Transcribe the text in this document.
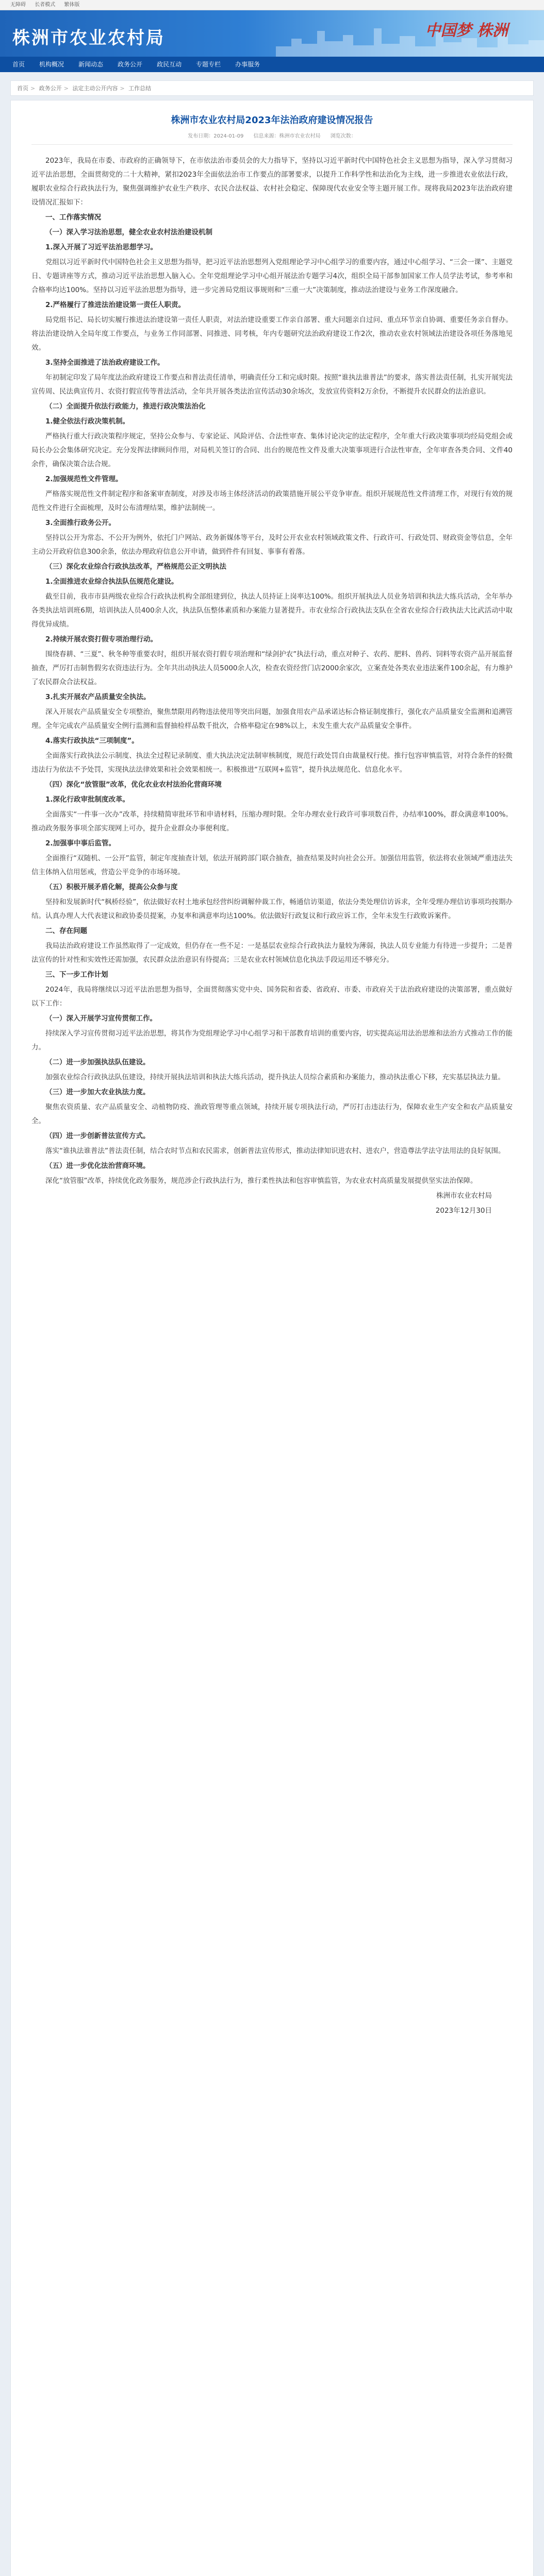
无障碍 长者模式 繁体版
株洲市农业农村局	中国梦 株洲
首页	机构概况	新闻动态	政务公开	政民互动	专题专栏	办事服务
首页 > 政务公开 > 法定主动公开内容 > 工作总结
株洲市农业农村局2023年法治政府建设情况报告
发布日期：2024-01-09 信息来源：株洲市农业农村局 浏览次数：

2023年，我局在市委、市政府的正确领导下，在市依法治市委员会的大力指导下，坚持以习近平新时代中国特色社会主义思想为指导，深入学习贯彻习近平法治思想，全面贯彻党的二十大精神，紧扣2023年全面依法治市工作要点的部署要求，以提升工作科学性和法治化为主线，进一步推进农业依法行政，履职农业综合行政执法行为，聚焦强调维护农业生产秩序、农民合法权益、农村社会稳定、保障现代农业安全等主题开展工作。现将我局2023年法治政府建设情况汇报如下：

一、工作落实情况

（一）深入学习法治思想，健全农业农村法治建设机制

1.深入开展了习近平法治思想学习。

党组以习近平新时代中国特色社会主义思想为指导，把习近平法治思想列入党组理论学习中心组学习的重要内容，通过中心组学习、“三会一课”、主题党日、专题讲座等方式，推动习近平法治思想入脑入心。全年党组理论学习中心组开展法治专题学习4次，组织全局干部参加国家工作人员学法考试，参考率和合格率均达100%。坚持以习近平法治思想为指导，进一步完善局党组议事规则和“三重一大”决策制度，推动法治建设与业务工作深度融合。

2.严格履行了推进法治建设第一责任人职责。

局党组书记、局长切实履行推进法治建设第一责任人职责，对法治建设重要工作亲自部署、重大问题亲自过问、重点环节亲自协调、重要任务亲自督办。将法治建设纳入全局年度工作要点，与业务工作同部署、同推进、同考核，年内专题研究法治政府建设工作2次，推动农业农村领域法治建设各项任务落地见效。

3.坚持全面推进了法治政府建设工作。

年初制定印发了局年度法治政府建设工作要点和普法责任清单，明确责任分工和完成时限。按照“谁执法谁普法”的要求，落实普法责任制，扎实开展宪法宣传周、民法典宣传月、农资打假宣传等普法活动，全年共开展各类法治宣传活动30余场次，发放宣传资料2万余份，不断提升农民群众的法治意识。

（二）全面提升依法行政能力，推进行政决策法治化

1.健全依法行政决策机制。

严格执行重大行政决策程序规定，坚持公众参与、专家论证、风险评估、合法性审查、集体讨论决定的法定程序，全年重大行政决策事项均经局党组会或局长办公会集体研究决定。充分发挥法律顾问作用，对局机关签订的合同、出台的规范性文件及重大决策事项进行合法性审查，全年审查各类合同、文件40余件，确保决策合法合规。

2.加强规范性文件管理。

严格落实规范性文件制定程序和备案审查制度，对涉及市场主体经济活动的政策措施开展公平竞争审查。组织开展规范性文件清理工作，对现行有效的规范性文件进行全面梳理，及时公布清理结果，维护法制统一。

3.全面推行政务公开。

坚持以公开为常态、不公开为例外，依托门户网站、政务新媒体等平台，及时公开农业农村领域政策文件、行政许可、行政处罚、财政资金等信息，全年主动公开政府信息300余条，依法办理政府信息公开申请，做到件件有回复、事事有着落。

（三）深化农业综合行政执法改革，严格规范公正文明执法

1.全面推进农业综合执法队伍规范化建设。

截至目前，我市市县两级农业综合行政执法机构全部组建到位，执法人员持证上岗率达100%。组织开展执法人员业务培训和执法大练兵活动，全年举办各类执法培训班6期，培训执法人员400余人次，执法队伍整体素质和办案能力显著提升。市农业综合行政执法支队在全省农业综合行政执法大比武活动中取得优异成绩。

2.持续开展农资打假专项治理行动。

围绕春耕、“三夏”、秋冬种等重要农时，组织开展农资打假专项治理和“绿剑护农”执法行动，重点对种子、农药、肥料、兽药、饲料等农资产品开展监督抽查，严厉打击制售假劣农资违法行为。全年共出动执法人员5000余人次，检查农资经营门店2000余家次，立案查处各类农业违法案件100余起，有力维护了农民群众合法权益。

3.扎实开展农产品质量安全执法。

深入开展农产品质量安全专项整治，聚焦禁限用药物违法使用等突出问题，加强食用农产品承诺达标合格证制度推行，强化农产品质量安全监测和追溯管理。全年完成农产品质量安全例行监测和监督抽检样品数千批次，合格率稳定在98%以上，未发生重大农产品质量安全事件。

4.落实行政执法“三项制度”。

全面落实行政执法公示制度、执法全过程记录制度、重大执法决定法制审核制度，规范行政处罚自由裁量权行使。推行包容审慎监管，对符合条件的轻微违法行为依法不予处罚，实现执法法律效果和社会效果相统一。积极推进“互联网+监管”，提升执法规范化、信息化水平。

（四）深化“放管服”改革，优化农业农村法治化营商环境

1.深化行政审批制度改革。

全面落实“一件事一次办”改革，持续精简审批环节和申请材料，压缩办理时限。全年办理农业行政许可事项数百件，办结率100%，群众满意率100%。推动政务服务事项全部实现网上可办，提升企业群众办事便利度。

2.加强事中事后监管。

全面推行“双随机、一公开”监管，制定年度抽查计划，依法开展跨部门联合抽查，抽查结果及时向社会公开。加强信用监管，依法将农业领域严重违法失信主体纳入信用惩戒，营造公平竞争的市场环境。

（五）积极开展矛盾化解，提高公众参与度

坚持和发展新时代“枫桥经验”，依法做好农村土地承包经营纠纷调解仲裁工作，畅通信访渠道，依法分类处理信访诉求，全年受理办理信访事项均按期办结。认真办理人大代表建议和政协委员提案，办复率和满意率均达100%。依法做好行政复议和行政应诉工作，全年未发生行政败诉案件。

二、存在问题

我局法治政府建设工作虽然取得了一定成效，但仍存在一些不足：一是基层农业综合行政执法力量较为薄弱，执法人员专业能力有待进一步提升；二是普法宣传的针对性和实效性还需加强，农民群众法治意识有待提高；三是农业农村领域信息化执法手段运用还不够充分。

三、下一步工作计划

2024年，我局将继续以习近平法治思想为指导，全面贯彻落实党中央、国务院和省委、省政府、市委、市政府关于法治政府建设的决策部署，重点做好以下工作：

（一）深入开展学习宣传贯彻工作。

持续深入学习宣传贯彻习近平法治思想，将其作为党组理论学习中心组学习和干部教育培训的重要内容，切实提高运用法治思维和法治方式推动工作的能力。

（二）进一步加强执法队伍建设。

加强农业综合行政执法队伍建设，持续开展执法培训和执法大练兵活动，提升执法人员综合素质和办案能力，推动执法重心下移，充实基层执法力量。

（三）进一步加大农业执法力度。

聚焦农资质量、农产品质量安全、动植物防疫、渔政管理等重点领域，持续开展专项执法行动，严厉打击违法行为，保障农业生产安全和农产品质量安全。

（四）进一步创新普法宣传方式。

落实“谁执法谁普法”普法责任制，结合农时节点和农民需求，创新普法宣传形式，推动法律知识进农村、进农户，营造尊法学法守法用法的良好氛围。

（五）进一步优化法治营商环境。

深化“放管服”改革，持续优化政务服务，规范涉企行政执法行为，推行柔性执法和包容审慎监管，为农业农村高质量发展提供坚实法治保障。

株洲市农业农村局

2023年12月30日
